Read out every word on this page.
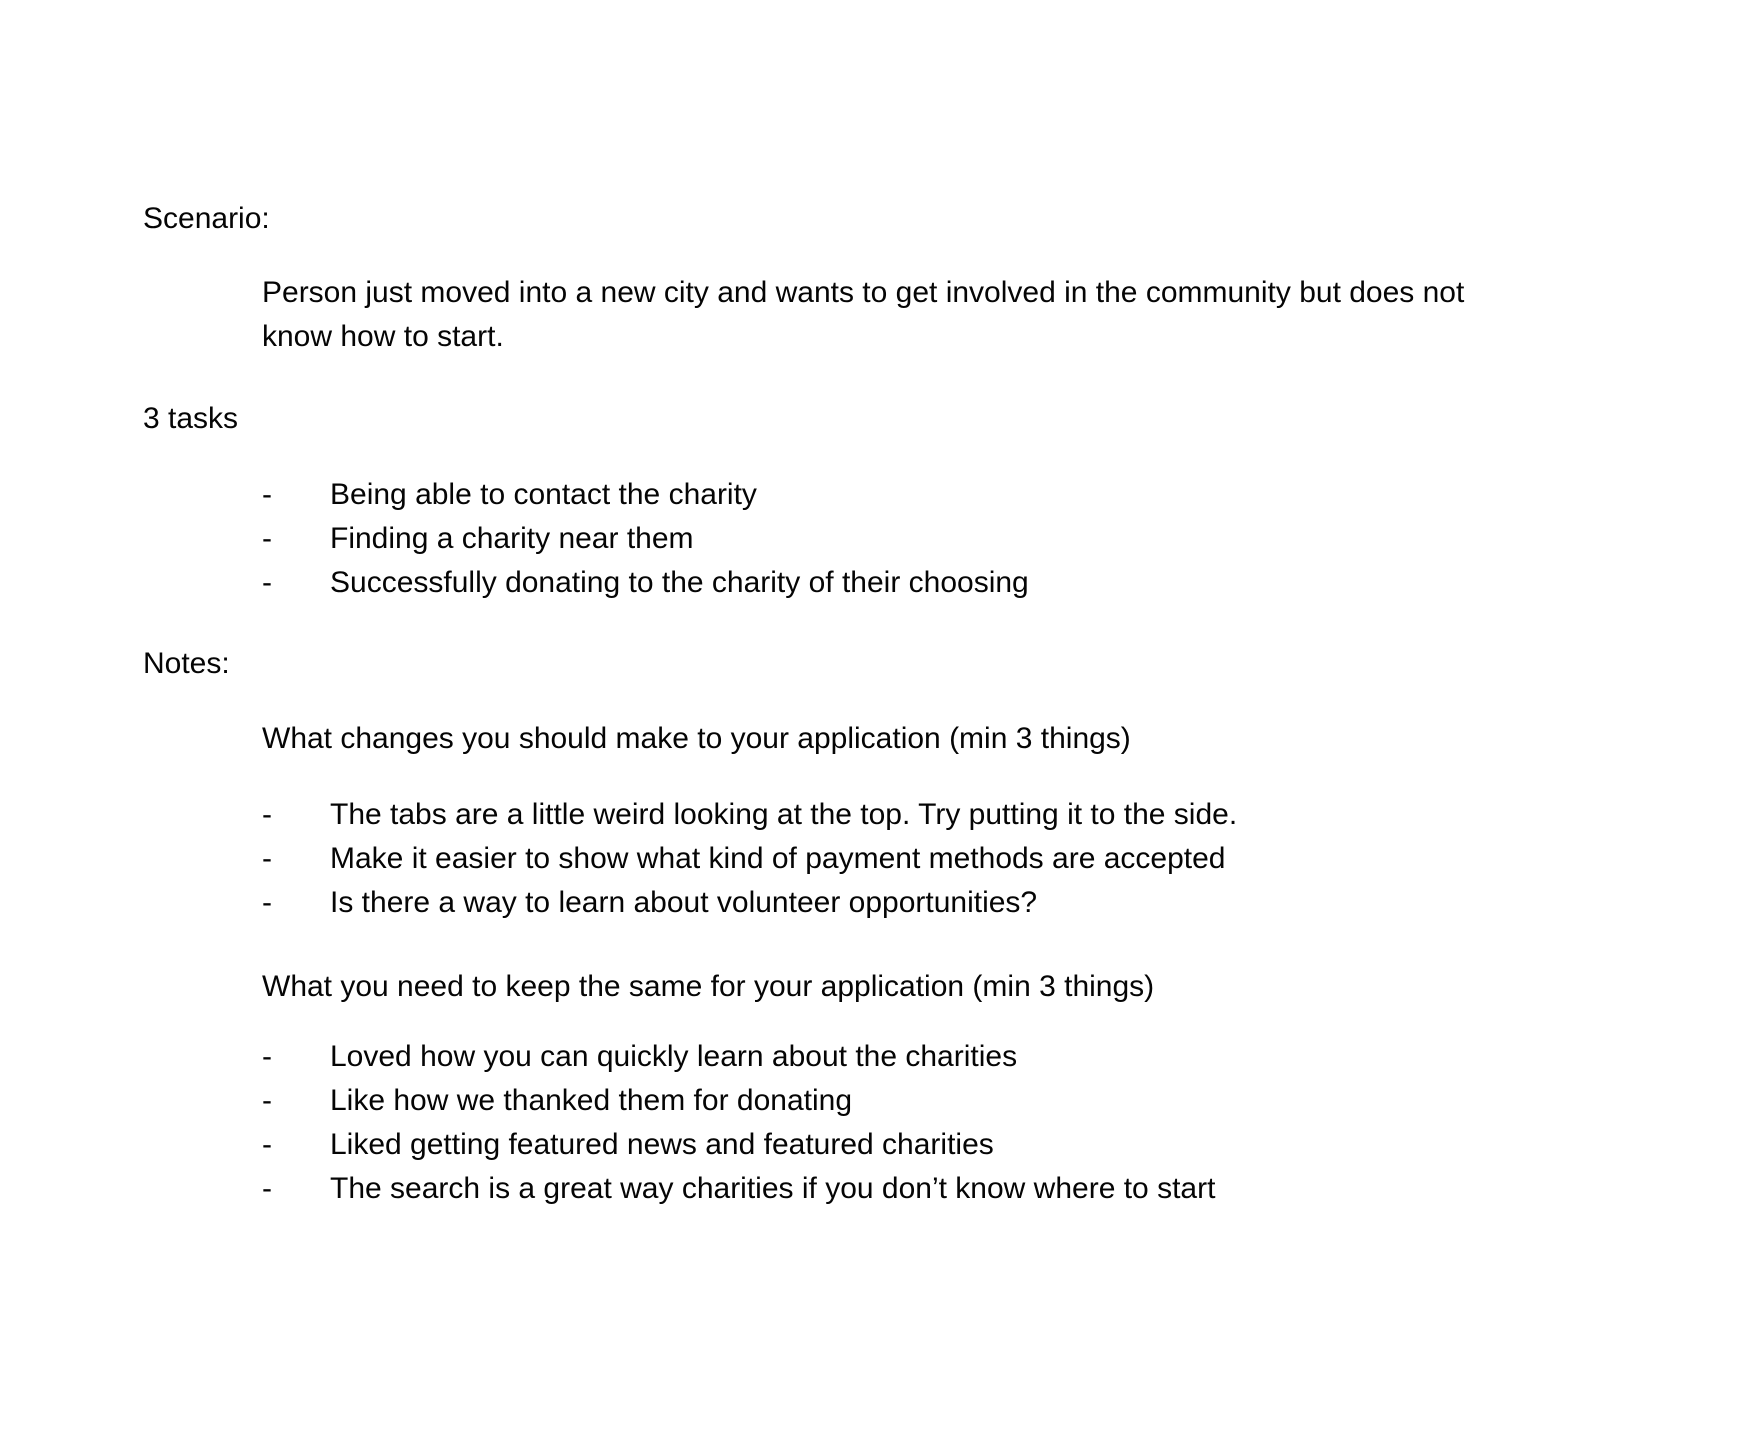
Scenario:
Person just moved into a new city and wants to get involved in the community but does not
know how to start.
3 tasks
-	Being able to contact the charity
-	Finding a charity near them
-	Successfully donating to the charity of their choosing
Notes:
What changes you should make to your application (min 3 things)
-	The tabs are a little weird looking at the top. Try putting it to the side.
-	Make it easier to show what kind of payment methods are accepted
-	Is there a way to learn about volunteer opportunities?
What you need to keep the same for your application (min 3 things)
-	Loved how you can quickly learn about the charities
-	Like how we thanked them for donating
-	Liked getting featured news and featured charities
-	The search is a great way charities if you don’t know where to start
